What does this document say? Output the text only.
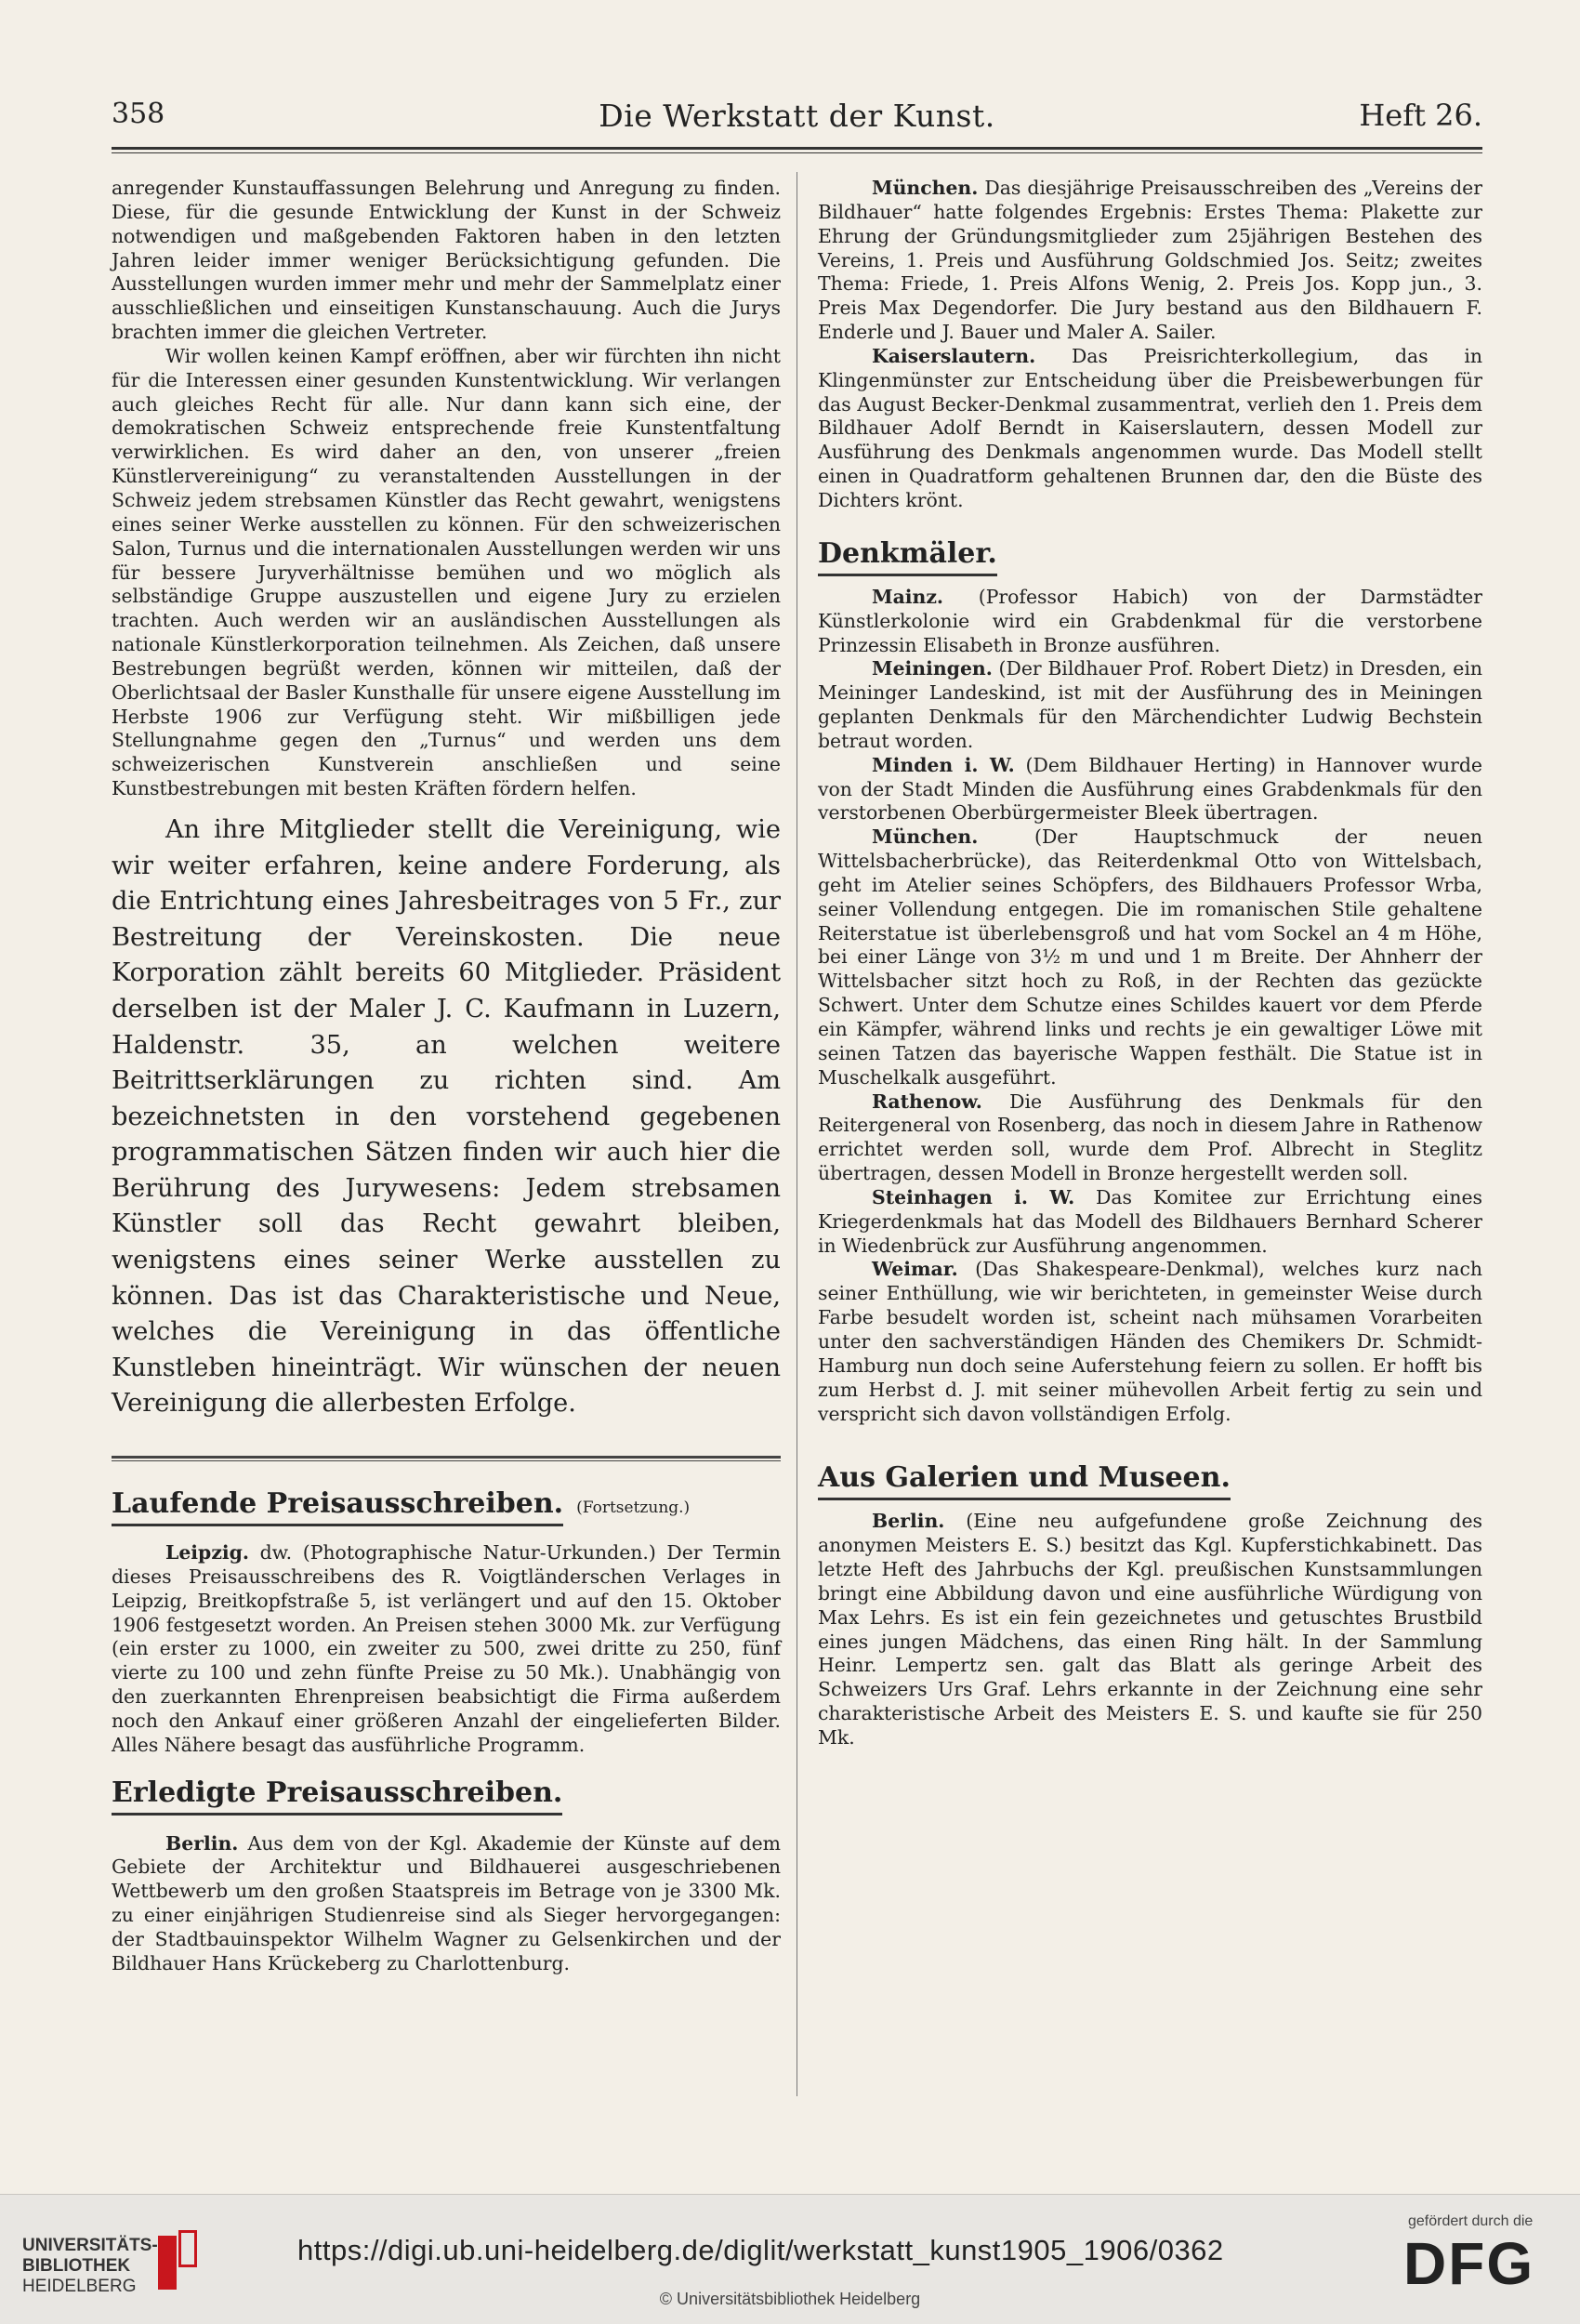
358	Die Werkstatt der Kunst.	Heft 26.

anregender Kunstauffassungen Belehrung und Anregung zu finden. Diese, für die gesunde Entwicklung der Kunst in der Schweiz notwendigen und maßgebenden Faktoren haben in den letzten Jahren leider immer weniger Berücksichtigung gefunden. Die Ausstellungen wurden immer mehr und mehr der Sammelplatz einer ausschließlichen und einseitigen Kunstanschauung. Auch die Jurys brachten immer die gleichen Vertreter.

Wir wollen keinen Kampf eröffnen, aber wir fürchten ihn nicht für die Interessen einer gesunden Kunstentwicklung. Wir verlangen auch gleiches Recht für alle. Nur dann kann sich eine, der demokratischen Schweiz entsprechende freie Kunstentfaltung verwirklichen. Es wird daher an den, von unserer „freien Künstlervereinigung“ zu veranstaltenden Ausstellungen in der Schweiz jedem strebsamen Künstler das Recht gewahrt, wenigstens eines seiner Werke ausstellen zu können. Für den schweizerischen Salon, Turnus und die internationalen Ausstellungen werden wir uns für bessere Juryverhältnisse bemühen und wo möglich als selbständige Gruppe auszustellen und eigene Jury zu erzielen trachten. Auch werden wir an ausländischen Ausstellungen als nationale Künstlerkorporation teilnehmen. Als Zeichen, daß unsere Bestrebungen begrüßt werden, können wir mitteilen, daß der Oberlichtsaal der Basler Kunsthalle für unsere eigene Ausstellung im Herbste 1906 zur Verfügung steht. Wir mißbilligen jede Stellungnahme gegen den „Turnus“ und werden uns dem schweizerischen Kunstverein anschließen und seine Kunstbestrebungen mit besten Kräften fördern helfen.

An ihre Mitglieder stellt die Vereinigung, wie wir weiter erfahren, keine andere Forderung, als die Entrichtung eines Jahresbeitrages von 5 Fr., zur Bestreitung der Vereinskosten. Die neue Korporation zählt bereits 60 Mitglieder. Präsident derselben ist der Maler J. C. Kaufmann in Luzern, Haldenstr. 35, an welchen weitere Beitrittserklärungen zu richten sind. Am bezeichnetsten in den vorstehend gegebenen programmatischen Sätzen finden wir auch hier die Berührung des Jurywesens: Jedem strebsamen Künstler soll das Recht gewahrt bleiben, wenigstens eines seiner Werke ausstellen zu können. Das ist das Charakteristische und Neue, welches die Vereinigung in das öffentliche Kunstleben hineinträgt. Wir wünschen der neuen Vereinigung die allerbesten Erfolge.

Laufende Preisausschreiben. (Fortsetzung.)

Leipzig. dw. (Photographische Natur-Urkunden.) Der Termin dieses Preisausschreibens des R. Voigtländerschen Verlages in Leipzig, Breitkopfstraße 5, ist verlängert und auf den 15. Oktober 1906 festgesetzt worden. An Preisen stehen 3000 Mk. zur Verfügung (ein erster zu 1000, ein zweiter zu 500, zwei dritte zu 250, fünf vierte zu 100 und zehn fünfte Preise zu 50 Mk.). Unabhängig von den zuerkannten Ehrenpreisen beabsichtigt die Firma außerdem noch den Ankauf einer größeren Anzahl der eingelieferten Bilder. Alles Nähere besagt das ausführliche Programm.

Erledigte Preisausschreiben.

Berlin. Aus dem von der Kgl. Akademie der Künste auf dem Gebiete der Architektur und Bildhauerei ausgeschriebenen Wettbewerb um den großen Staatspreis im Betrage von je 3300 Mk. zu einer einjährigen Studienreise sind als Sieger hervorgegangen: der Stadtbauinspektor Wilhelm Wagner zu Gelsenkirchen und der Bildhauer Hans Krückeberg zu Charlottenburg.

München. Das diesjährige Preisausschreiben des „Vereins der Bildhauer“ hatte folgendes Ergebnis: Erstes Thema: Plakette zur Ehrung der Gründungsmitglieder zum 25jährigen Bestehen des Vereins, 1. Preis und Ausführung Goldschmied Jos. Seitz; zweites Thema: Friede, 1. Preis Alfons Wenig, 2. Preis Jos. Kopp jun., 3. Preis Max Degendorfer. Die Jury bestand aus den Bildhauern F. Enderle und J. Bauer und Maler A. Sailer.

Kaiserslautern. Das Preisrichterkollegium, das in Klingenmünster zur Entscheidung über die Preisbewerbungen für das August Becker-Denkmal zusammentrat, verlieh den 1. Preis dem Bildhauer Adolf Berndt in Kaiserslautern, dessen Modell zur Ausführung des Denkmals angenommen wurde. Das Modell stellt einen in Quadratform gehaltenen Brunnen dar, den die Büste des Dichters krönt.

Denkmäler.

Mainz. (Professor Habich) von der Darmstädter Künstlerkolonie wird ein Grabdenkmal für die verstorbene Prinzessin Elisabeth in Bronze ausführen.

Meiningen. (Der Bildhauer Prof. Robert Dietz) in Dresden, ein Meininger Landeskind, ist mit der Ausführung des in Meiningen geplanten Denkmals für den Märchendichter Ludwig Bechstein betraut worden.

Minden i. W. (Dem Bildhauer Herting) in Hannover wurde von der Stadt Minden die Ausführung eines Grabdenkmals für den verstorbenen Oberbürgermeister Bleek übertragen.

München.	(Der Hauptschmuck der neuen Wittelsbacherbrücke), das Reiterdenkmal Otto von Wittelsbach, geht im Atelier seines Schöpfers, des Bildhauers Professor Wrba, seiner Vollendung entgegen. Die im romanischen Stile gehaltene Reiterstatue ist überlebensgroß und hat vom Sockel an 4 m Höhe, bei einer Länge von 3½ m und und 1 m Breite. Der Ahnherr der Wittelsbacher sitzt hoch zu Roß, in der Rechten das gezückte Schwert. Unter dem Schutze eines Schildes kauert vor dem Pferde ein Kämpfer, während links und rechts je ein gewaltiger Löwe mit seinen Tatzen das bayerische Wappen festhält. Die Statue ist in Muschelkalk ausgeführt.

Rathenow. Die Ausführung des Denkmals für den Reitergeneral von Rosenberg, das noch in diesem Jahre in Rathenow errichtet werden soll, wurde dem Prof. Albrecht in Steglitz übertragen, dessen Modell in Bronze hergestellt werden soll.

Steinhagen i. W. Das Komitee zur Errichtung eines Kriegerdenkmals hat das Modell des Bildhauers Bernhard Scherer in Wiedenbrück zur Ausführung angenommen.

Weimar. (Das Shakespeare-Denkmal), welches kurz nach seiner Enthüllung, wie wir berichteten, in gemeinster Weise durch Farbe besudelt worden ist, scheint nach mühsamen Vorarbeiten unter den sachverständigen Händen des Chemikers Dr. Schmidt-Hamburg nun doch seine Auferstehung feiern zu sollen. Er hofft bis zum Herbst d. J. mit seiner mühevollen Arbeit fertig zu sein und verspricht sich davon vollständigen Erfolg.

Aus Galerien und Museen.

Berlin. (Eine neu aufgefundene große Zeichnung des anonymen Meisters E. S.) besitzt das Kgl. Kupferstichkabinett. Das letzte Heft des Jahrbuchs der Kgl. preußischen Kunstsammlungen bringt eine Abbildung davon und eine ausführliche Würdigung von Max Lehrs. Es ist ein fein gezeichnetes und getuschtes Brustbild eines jungen Mädchens, das einen Ring hält. In der Sammlung Heinr. Lempertz sen. galt das Blatt als geringe Arbeit des Schweizers Urs Graf. Lehrs erkannte in der Zeichnung eine sehr charakteristische Arbeit des Meisters E. S. und kaufte sie für 250 Mk.

UNIVERSITÄTS-
BIBLIOTHEK
HEIDELBERG
https://digi.ub.uni-heidelberg.de/diglit/werkstatt_kunst1905_1906/0362
© Universitätsbibliothek Heidelberg
gefördert durch die
DFG
